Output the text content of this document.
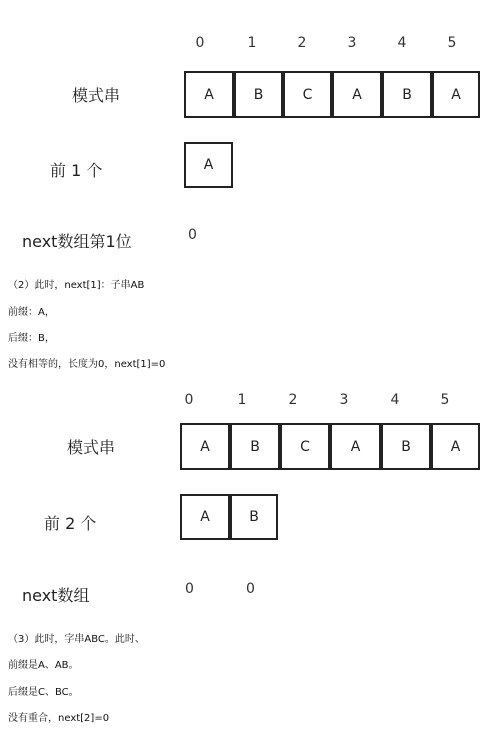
0	1	2	3	4	5
模式串	A	B	C	A	B	A
前 1 个	A
next数组第1位	0
（2）此时，next[1]：子串AB
前缀：A，
后缀：B，
没有相等的，长度为0，next[1]=0
0	1	2	3	4	5
模式串	A	B	C	A	B	A
前 2 个	A	B
next数组	0	0
（3）此时，字串ABC。此时、
前缀是A、AB。
后缀是C、BC。
没有重合，next[2]=0
